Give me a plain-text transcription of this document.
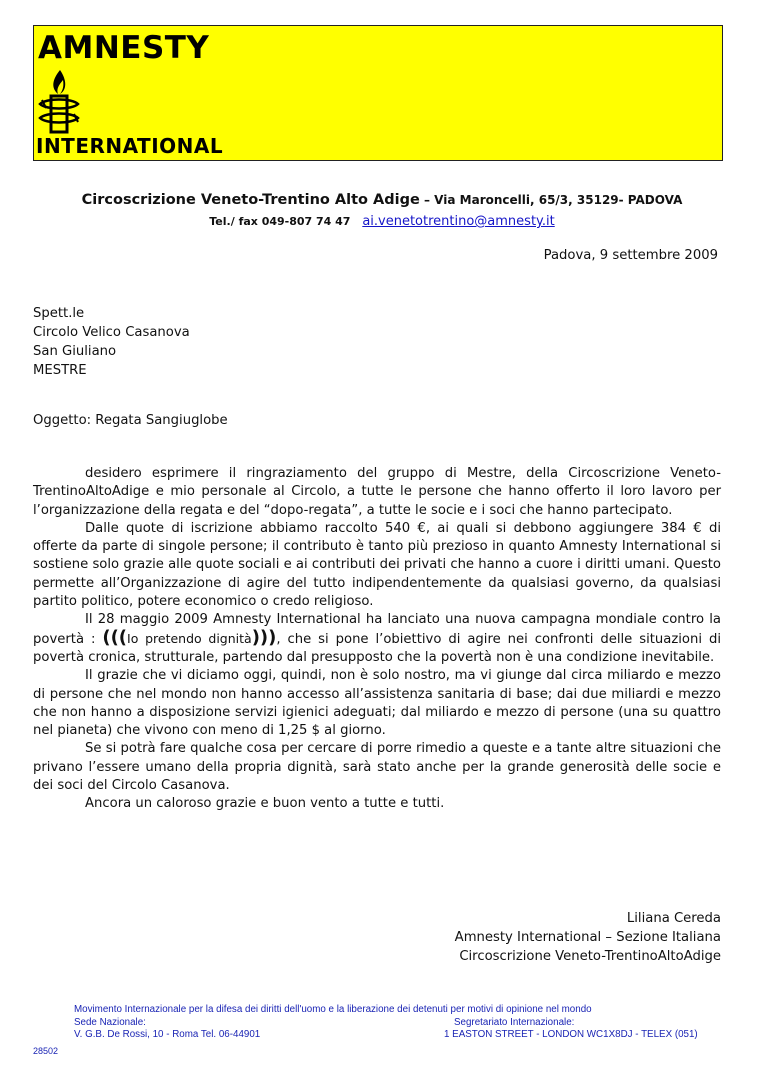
AMNESTY
INTERNATIONAL
Circoscrizione Veneto-Trentino Alto Adige – Via Maroncelli, 65/3, 35129- PADOVA
Tel./ fax 049-807 74 47 ai.venetotrentino@amnesty.it
Padova, 9 settembre 2009
Spett.le
Circolo Velico Casanova
San Giuliano
MESTRE
Oggetto: Regata Sangiuglobe

desidero esprimere il ringraziamento del gruppo di Mestre, della Circoscrizione Veneto-TrentinoAltoAdige e mio personale al Circolo, a tutte le persone che hanno offerto il loro lavoro per l’organizzazione della regata e del “dopo-regata”, a tutte le socie e i soci che hanno partecipato.

Dalle quote di iscrizione abbiamo raccolto 540 €, ai quali si debbono aggiungere 384 € di offerte da parte di singole persone; il contributo è tanto più prezioso in quanto Amnesty International si sostiene solo grazie alle quote sociali e ai contributi dei privati che hanno a cuore i diritti umani. Questo permette all’Organizzazione di agire del tutto indipendentemente da qualsiasi governo, da qualsiasi partito politico, potere economico o credo religioso.

Il 28 maggio 2009 Amnesty International ha lanciato una nuova campagna mondiale contro la povertà : (((Io pretendo dignità))), che si pone l’obiettivo di agire nei confronti delle situazioni di povertà cronica, strutturale, partendo dal presupposto che la povertà non è una condizione inevitabile.

Il grazie che vi diciamo oggi, quindi, non è solo nostro, ma vi giunge dal circa miliardo e mezzo di persone che nel mondo non hanno accesso all’assistenza sanitaria di base; dai due miliardi e mezzo che non hanno a disposizione servizi igienici adeguati; dal miliardo e mezzo di persone (una su quattro nel pianeta) che vivono con meno di 1,25 $ al giorno.

Se si potrà fare qualche cosa per cercare di porre rimedio a queste e a tante altre situazioni che privano l’essere umano della propria dignità, sarà stato anche per la grande generosità delle socie e dei soci del Circolo Casanova.

Ancora un caloroso grazie e buon vento a tutte e tutti.

Liliana Cereda
Amnesty International – Sezione Italiana
Circoscrizione Veneto-TrentinoAltoAdige
Movimento Internazionale per la difesa dei diritti dell'uomo e la liberazione dei detenuti per motivi di opinione nel mondo
Sede Nazionale:	Segretariato Internazionale:
V. G.B. De Rossi, 10 - Roma Tel. 06-44901	1 EASTON STREET - LONDON WC1X8DJ - TELEX (051)
28502
